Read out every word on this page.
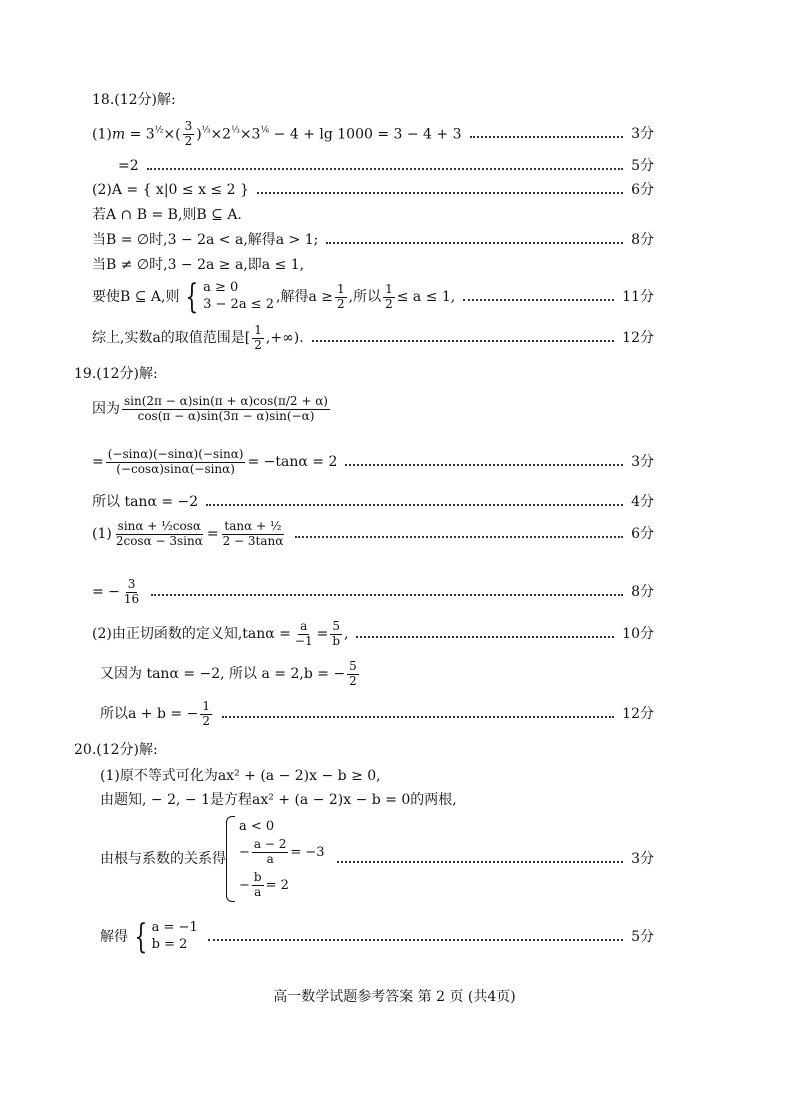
18.(12分)解:
$(1)m = 3^{\frac{1}{2}}\times( \frac{3}{2} )^{\frac{1}{3}}\times 2^{\frac{1}{3}}\times 3^{\frac{1}{6}} - 4 + \lg 1000 = 3 - 4 + 3$	3分
=2	5分
(2)A = { x|0 ≤ x ≤ 2 }	6分
若A ∩ B = B,则B ⊆ A.
当B = ∅时,3 − 2a < a,解得a > 1;	8分
当B ≠ ∅时,3 − 2a ≥ a,即a ≤ 1,
要使B ⊆ A,则 { a ≥ 0
3 − 2a ≤ 2 ,解得$a \ge \frac{1}{2}$ ,所以 $\frac{1}{2} \le a \le 1$,	11分
综上,实数a的取值范围是[ $\frac{1}{2}$ ,+∞).	12分
19.(12分)解:
因为 $\frac{\sin(2\pi - \alpha)\sin(\pi + \alpha)\cos(\pi/2 + \alpha)}{\cos(\pi - \alpha)\sin(3\pi - \alpha)\sin(-\alpha)}$
= $\frac{(-\sin\alpha)(-\sin\alpha)(-\sin\alpha)}{(-\cos\alpha)\sin\alpha(-\sin\alpha)} = -\tan\alpha = 2$	3分
所以 tanα = −2	4分
$(1) \frac{\text{sinα + ½cosα}}{2\cos\alpha - 3\sin\alpha} = \frac{\text{tanα + ½}}{2 - 3\tan\alpha}$	6分
= − $\frac{3}{16}$	8分
(2)由正切函数的定义知$,\tan\alpha = \frac{a}{-1} = \frac{5}{b}$ ,	10分
又因为 tanα = −2, 所以 a = 2,b = − $\frac{5}{2}$
所以a + b = − $\frac{1}{2}$	12分
20.(12分)解:
(1)原不等式可化为ax² + (a − 2)x − b ≥ 0,
由题知, − 2, − 1是方程ax² + (a − 2)x − b = 0的两根,
由根与系数的关系得
a < 0
− $\frac{a - 2}{a} = -3$
− $\frac{b}{a} = 2$
3分
解得 { a = −1
b = 2	5分
高一数学试题参考答案 第 2 页 (共4页)
